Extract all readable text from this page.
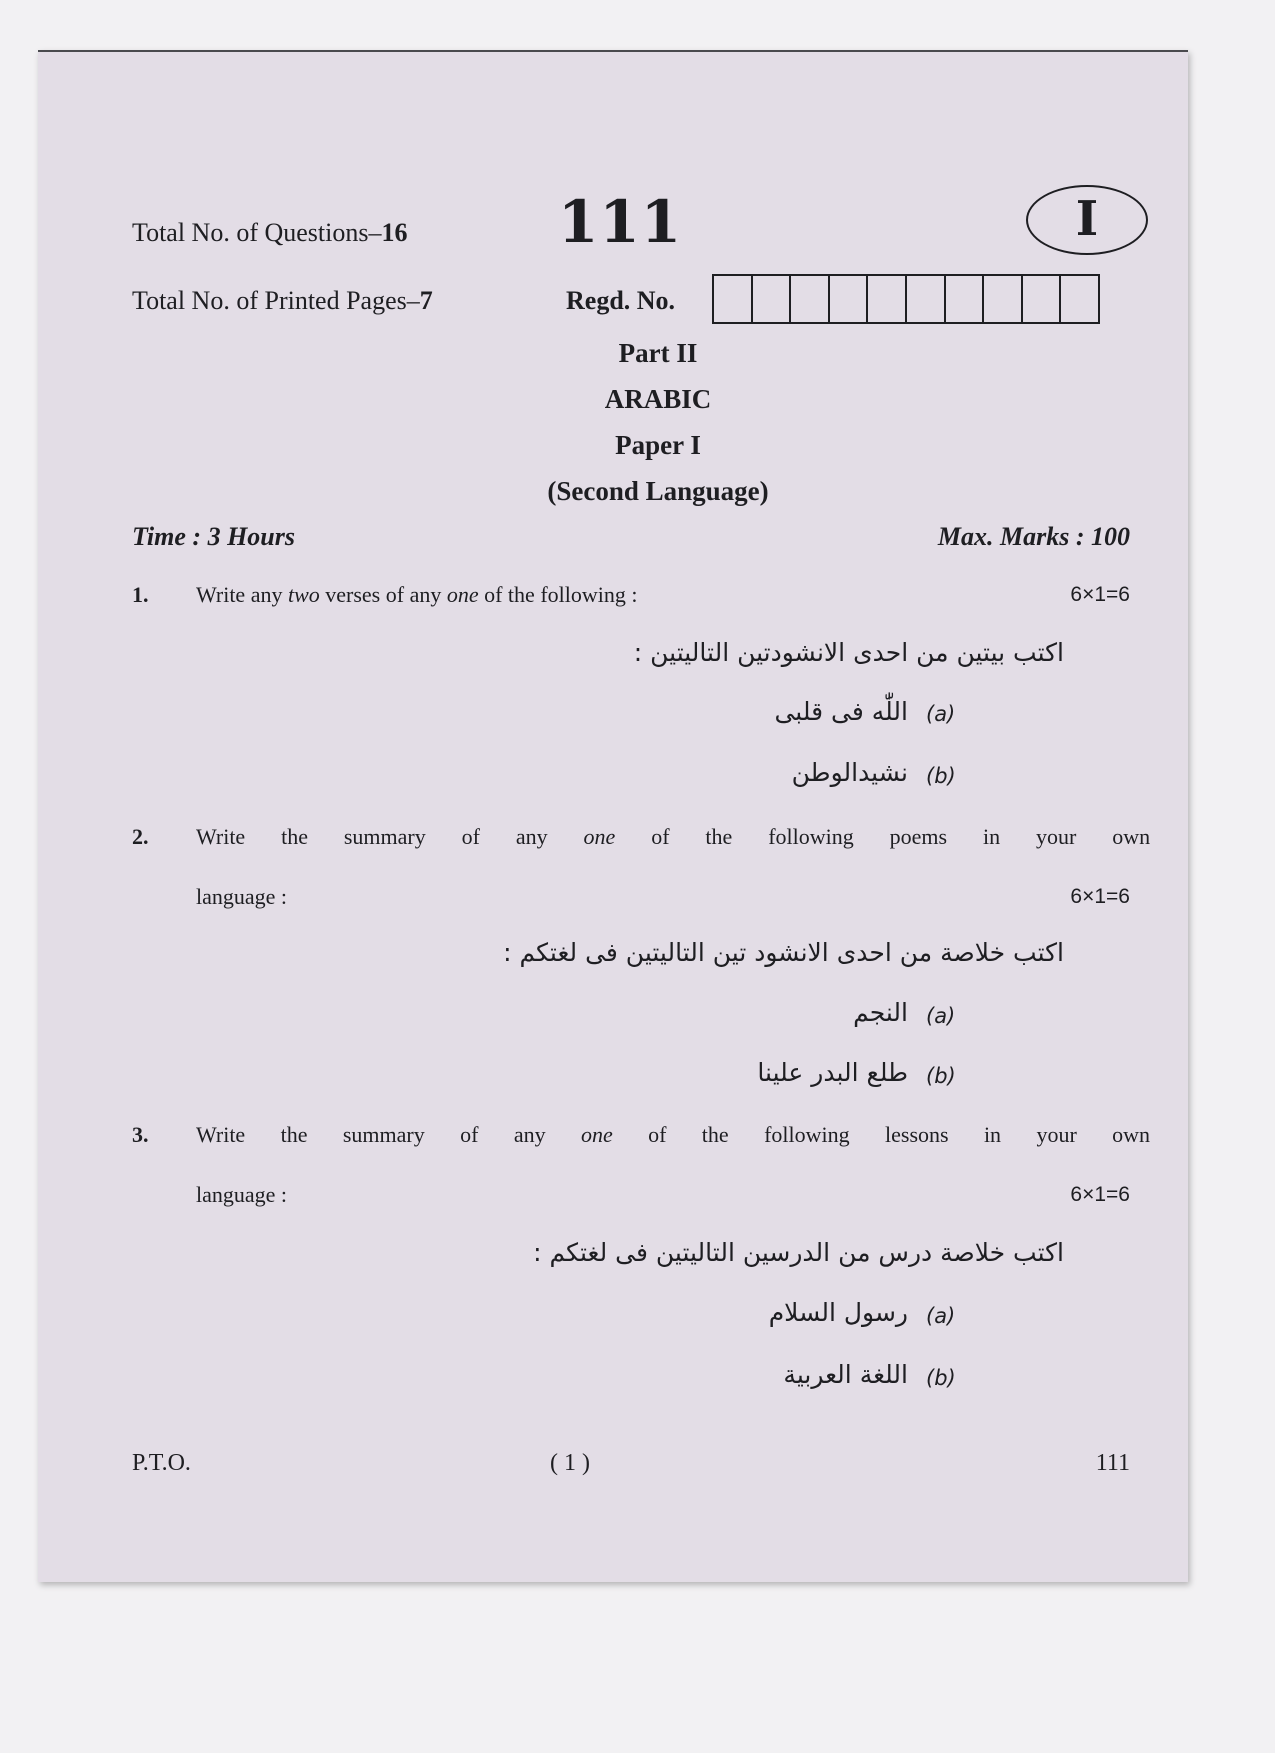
111	I
Total No. of Questions–16
Total No. of Printed Pages–7	Regd. No.
Part II
ARABIC
Paper I
(Second Language)
Time : 3 Hours	Max. Marks : 100
1. Write any two verses of any one of the following :	6×1=6
اکتب بیتین من احدی الانشودتین التالیتین :
(a)
اللّٰه فی قلبی
(b)
نشیدالوطن
2. Write the summary of any one of the following poems in your own
language :	6×1=6
اکتب خلاصة من احدی الانشود تین التالیتین فی لغتکم :
(a)
النجم
(b)
طلع البدر علینا
3. Write the summary of any one of the following lessons in your own
language :	6×1=6
اکتب خلاصة درس من الدرسین التالیتین فی لغتکم :
(a)
رسول السلام
(b)
اللغة العربیة
P.T.O.	( 1 )	111
